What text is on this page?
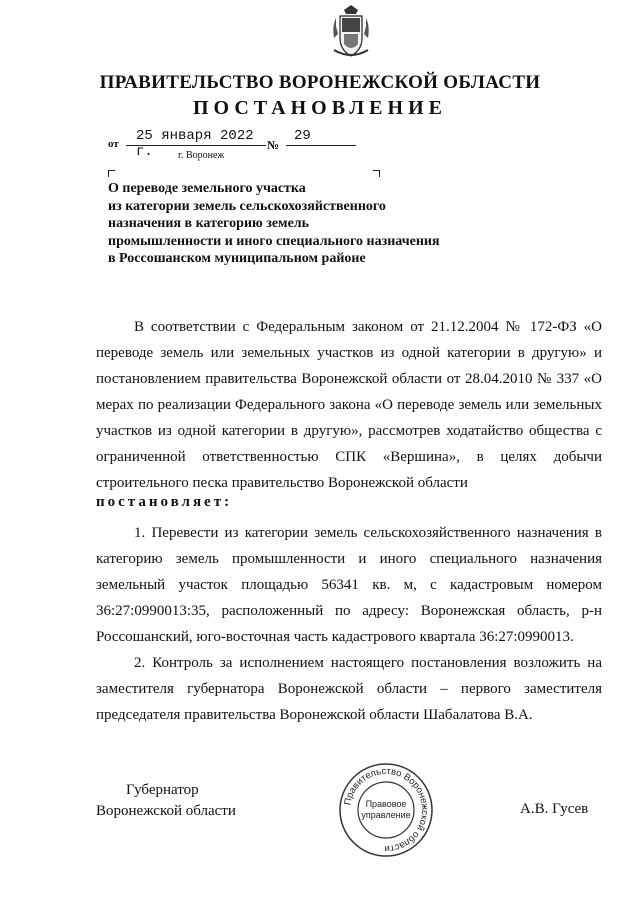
ПРАВИТЕЛЬСТВО ВОРОНЕЖСКОЙ ОБЛАСТИ
ПОСТАНОВЛЕНИЕ
от	25 января 2022 г.	№
29
г. Воронеж
О переводе земельного участка
из категории земель сельскохозяйственного
назначения в категорию земель
промышленности и иного специального назначения
в Россошанском муниципальном районе
В соответствии с Федеральным законом от 21.12.2004 № 172-ФЗ «О переводе земель или земельных участков из одной категории в другую» и постановлением правительства Воронежской области от 28.04.2010 № 337 «О мерах по реализации Федерального закона «О переводе земель или земельных участков из одной категории в другую», рассмотрев ходатайство общества с ограниченной ответственностью СПК «Вершина», в целях добычи строительного песка правительство Воронежской области
постановляет:
1. Перевести из категории земель сельскохозяйственного назначения в категорию земель промышленности и иного специального назначения земельный участок площадью 56341 кв. м, с кадастровым номером 36:27:0990013:35, расположенный по адресу: Воронежская область, р-н Россошанский, юго-восточная часть кадастрового квартала 36:27:0990013.
2. Контроль за исполнением настоящего постановления возложить на заместителя губернатора Воронежской области – первого заместителя председателя правительства Воронежской области Шабалатова В.А.
Губернатор
Воронежской области
Правительство Воронежской области
Правовое
управление	А.В. Гусев
